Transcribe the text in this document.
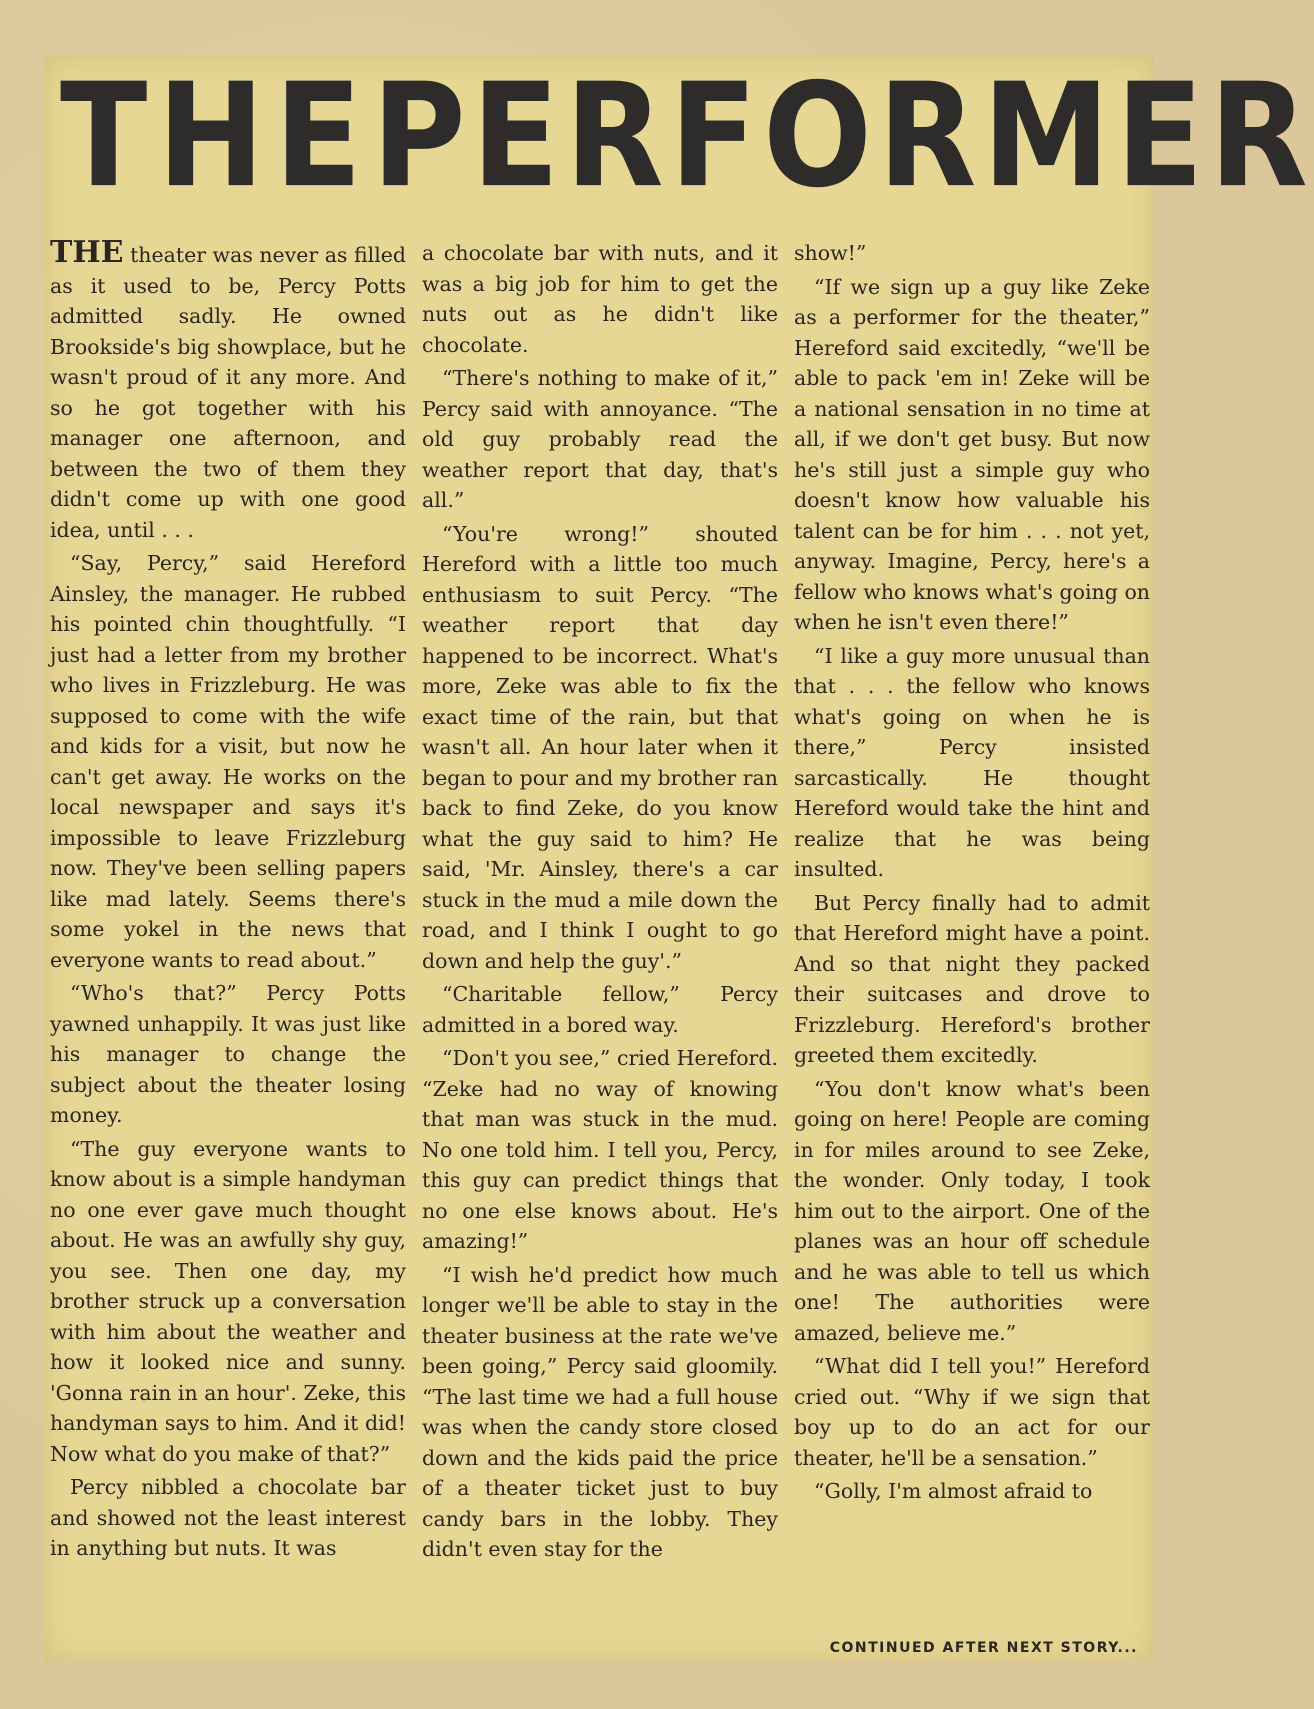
THE PERFORMER

THE theater was never as filled as it used to be, Percy Potts admitted sadly. He owned Brookside's big showplace, but he wasn't proud of it any more. And so he got together with his manager one afternoon, and between the two of them they didn't come up with one good idea, until . . .

“Say, Percy,” said Hereford Ainsley, the manager. He rubbed his pointed chin thoughtfully. “I just had a letter from my brother who lives in Frizzleburg. He was supposed to come with the wife and kids for a visit, but now he can't get away. He works on the local newspaper and says it's impossible to leave Frizzleburg now. They've been selling papers like mad lately. Seems there's some yokel in the news that everyone wants to read about.”

“Who's that?” Percy Potts yawned unhappily. It was just like his manager to change the subject about the theater losing money.

“The guy everyone wants to know about is a simple handyman no one ever gave much thought about. He was an awfully shy guy, you see. Then one day, my brother struck up a conversation with him about the weather and how it looked nice and sunny. 'Gonna rain in an hour'. Zeke, this handyman says to him. And it did! Now what do you make of that?”

Percy nibbled a chocolate bar and showed not the least interest in anything but nuts. It was

a chocolate bar with nuts, and it was a big job for him to get the nuts out as he didn't like chocolate.

“There's nothing to make of it,” Percy said with annoyance. “The old guy probably read the weather report that day, that's all.”

“You're wrong!” shouted Hereford with a little too much enthusiasm to suit Percy. “The weather report that day happened to be incorrect. What's more, Zeke was able to fix the exact time of the rain, but that wasn't all. An hour later when it began to pour and my brother ran back to find Zeke, do you know what the guy said to him? He said, 'Mr. Ainsley, there's a car stuck in the mud a mile down the road, and I think I ought to go down and help the guy'.”

“Charitable fellow,” Percy admitted in a bored way.

“Don't you see,” cried Hereford. “Zeke had no way of knowing that man was stuck in the mud. No one told him. I tell you, Percy, this guy can predict things that no one else knows about. He's amazing!”

“I wish he'd predict how much longer we'll be able to stay in the theater business at the rate we've been going,” Percy said gloomily. “The last time we had a full house was when the candy store closed down and the kids paid the price of a theater ticket just to buy candy bars in the lobby. They didn't even stay for the

show!”

“If we sign up a guy like Zeke as a performer for the theater,” Hereford said excitedly, “we'll be able to pack 'em in! Zeke will be a national sensation in no time at all, if we don't get busy. But now he's still just a simple guy who doesn't know how valuable his talent can be for him . . . not yet, anyway. Imagine, Percy, here's a fellow who knows what's going on when he isn't even there!”

“I like a guy more unusual than that . . . the fellow who knows what's going on when he is there,” Percy insisted sarcastically. He thought Hereford would take the hint and realize that he was being insulted.

But Percy finally had to admit that Hereford might have a point. And so that night they packed their suitcases and drove to Frizzleburg. Hereford's brother greeted them excitedly.

“You don't know what's been going on here! People are coming in for miles around to see Zeke, the wonder. Only today, I took him out to the airport. One of the planes was an hour off schedule and he was able to tell us which one! The authorities were amazed, believe me.”

“What did I tell you!” Hereford cried out. “Why if we sign that boy up to do an act for our theater, he'll be a sensation.”

“Golly, I'm almost afraid to

CONTINUED AFTER NEXT STORY...
